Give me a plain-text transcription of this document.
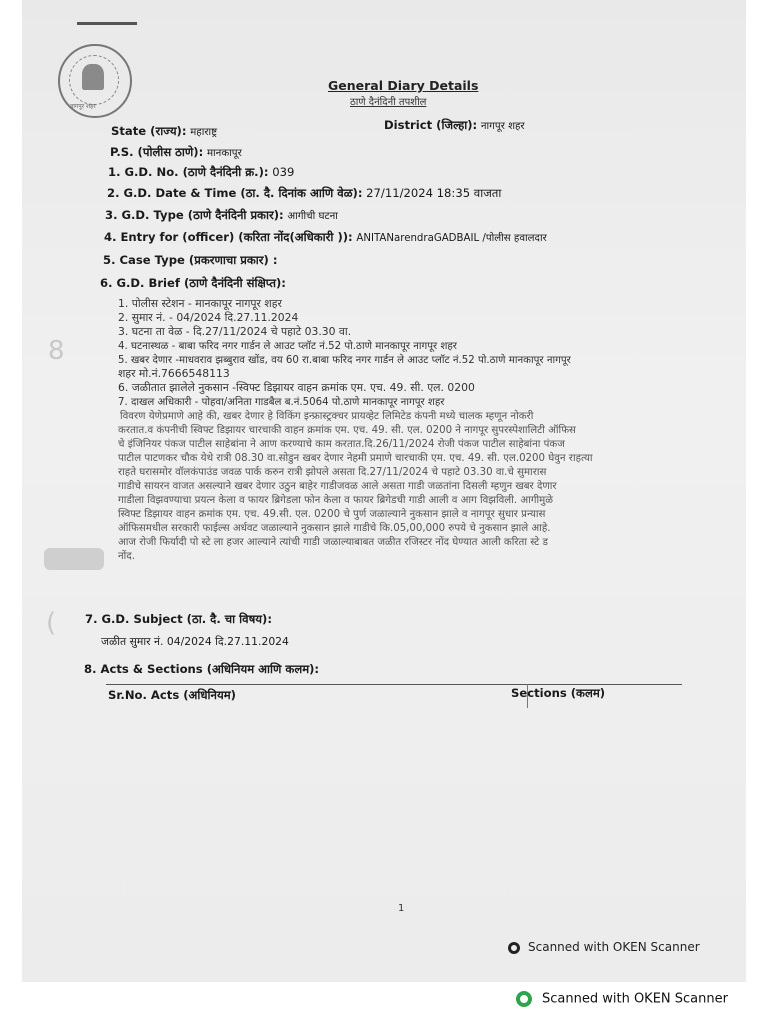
नागपूर शहर
General Diary Details
ठाणे दैनंदिनी तपशील
State (राज्य): महाराष्ट्र
District (जिल्हा): नागपूर शहर
P.S. (पोलीस ठाणे): मानकापूर
1. G.D. No. (ठाणे दैनंदिनी क्र.): 039
2. G.D. Date & Time (ठा. दै. दिनांक आणि वेळ): 27/11/2024 18:35 वाजता
3. G.D. Type (ठाणे दैनंदिनी प्रकार): आगीची घटना
4. Entry for (officer) (करिता नोंद(अधिकारी )): ANITANarendraGADBAIL /पोलीस हवालदार
5. Case Type (प्रकरणाचा प्रकार) :
6. G.D. Brief (ठाणे दैनंदिनी संक्षिप्त):
1. पोलीस स्टेशन - मानकापूर नागपूर शहर
2. सुमार नं. - 04/2024 दि.27.11.2024
3. घटना ता वेळ - दि.27/11/2024 चे पहाटे 03.30 वा.
4. घटनास्थळ - बाबा फरिद नगर गार्डन ले आउट प्लॉट नं.52 पो.ठाणे मानकापूर नागपूर शहर
5. खबर देणार -माधवराव झब्बुराव खोंड, वय 60 रा.बाबा फरिद नगर गार्डन ले आउट प्लॉट नं.52 पो.ठाणे मानकापूर नागपूर
शहर मो.नं.7666548113
6. जळीतात झालेले नुकसान -स्विफ्ट डिझायर वाहन क्रमांक एम. एच. 49. सी. एल. 0200
7. दाखल अधिकारी - पोहवा/अनिता गाडबैल ब.नं.5064 पो.ठाणे मानकापूर नागपूर शहर
विवरण येणेप्रमाणे आहे की, खबर देणार हे विकिंग इन्फ्रास्ट्रक्चर प्रायव्हेट लिमिटेड कंपनी मध्ये चालक म्हणून नोकरी
करतात.व कंपनीची स्विफ्ट डिझायर चारचाकी वाहन क्रमांक एम. एच. 49. सी. एल. 0200 ने नागपूर सुपरस्पेशालिटी ऑफिस
चे इंजिनियर पंकज पाटील साहेबांना ने आण करण्याचे काम करतात.दि.26/11/2024 रोजी पंकज पाटील साहेबांना पंकज
पाटील पाटणकर चौक येथे रात्री 08.30 वा.सोडुन खबर देणार नेहमी प्रमाणे चारचाकी एम. एच. 49. सी. एल.0200 घेवुन राहत्या
राहते घरासमोर वॉलकंपाउंड जवळ पार्क करुन रात्री झोपले असता दि.27/11/2024 चे पहाटे 03.30 वा.चे सुमारास
गाडीचे सायरन वाजत असल्याने खबर देणार उठुन बाहेर गाडीजवळ आले असता गाडी जळतांना दिसली म्हणुन खबर देणार
गाडीला विझवण्याचा प्रयत्न केला व फायर ब्रिगेडला फोन केला व फायर ब्रिगेडची गाडी आली व आग विझविली. आगीमुळे
स्विफ्ट डिझायर वाहन क्रमांक एम. एच. 49.सी. एल. 0200 चे पुर्ण जळाल्याने नुकसान झाले व नागपूर सुधार प्रन्यास
ऑफिसमधील सरकारी फाईल्स अर्धवट जळाल्याने नुकसान झाले गाडीचे कि.05,00,000 रुपये चे नुकसान झाले आहे.
आज रोजी फिर्यादी पो स्टे ला हजर आल्याने त्यांची गाडी जळाल्याबाबत जळीत रजिस्टर नोंद घेण्यात आली करिता स्टे ड
नोंद.
8
( 7. G.D. Subject (ठा. दै. चा विषय):
जळीत सुमार नं. 04/2024 दि.27.11.2024
8. Acts & Sections (अधिनियम आणि कलम):
Sr.No. Acts (अधिनियम)	Sections (कलम)
1
Scanned with OKEN Scanner
Scanned with OKEN Scanner
